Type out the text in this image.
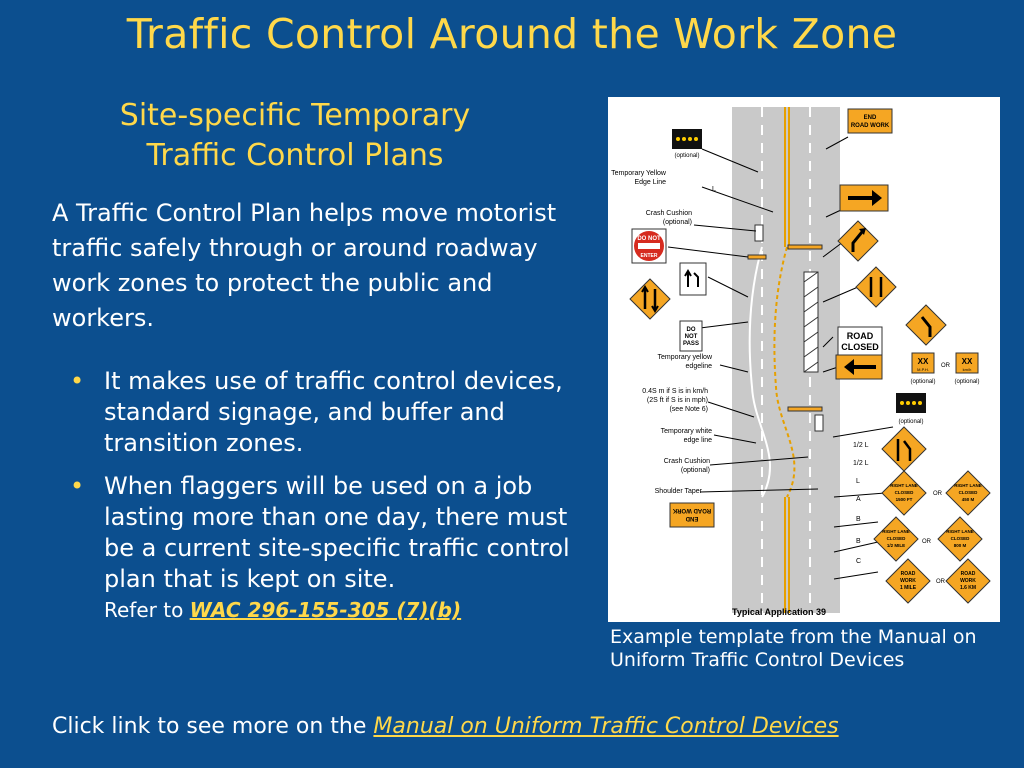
Traffic Control Around the Work Zone
Site-specific Temporary
Traffic Control Plans
A Traffic Control Plan helps move motorist traffic safely through or around roadway work zones to protect the public and workers.
• It makes use of traffic control devices, standard signage, and buffer and transition zones.
• When flaggers will be used on a job lasting more than one day, there must be a current site-specific traffic control plan that is kept on site.
Refer to WAC 296-155-305 (7)(b)
Temporary Yellow
Edge Line
Crash Cushion
(optional)
Temporary yellow
edgeline
0.4S m if S is in km/h
(2S ft if S is in mph)
(see Note 6)
Temporary white
edge line
Crash Cushion
(optional)
Shoulder Taper
1/2 L
1/2 L
L
A
B
B
C
L
(optional)
DO NOT
ENTER
DO
NOT
PASS
END
ROAD WORK
ROAD
CLOSED
XX
M.P.H.
(optional)
OR XX
km/h
(optional)
(optional)
RIGHT LANE
CLOSED
1500 FT
OR
RIGHT LANE
CLOSED
450 M
RIGHT LANE
CLOSED
1/2 MILE
OR
RIGHT LANE
CLOSED
800 M
ROAD
WORK
1 MILE
OR
ROAD
WORK
1.6 KM
END
ROAD WORK
Typical Application 39
Example template from the Manual on Uniform Traffic Control Devices
Click link to see more on the Manual on Uniform Traffic Control Devices
